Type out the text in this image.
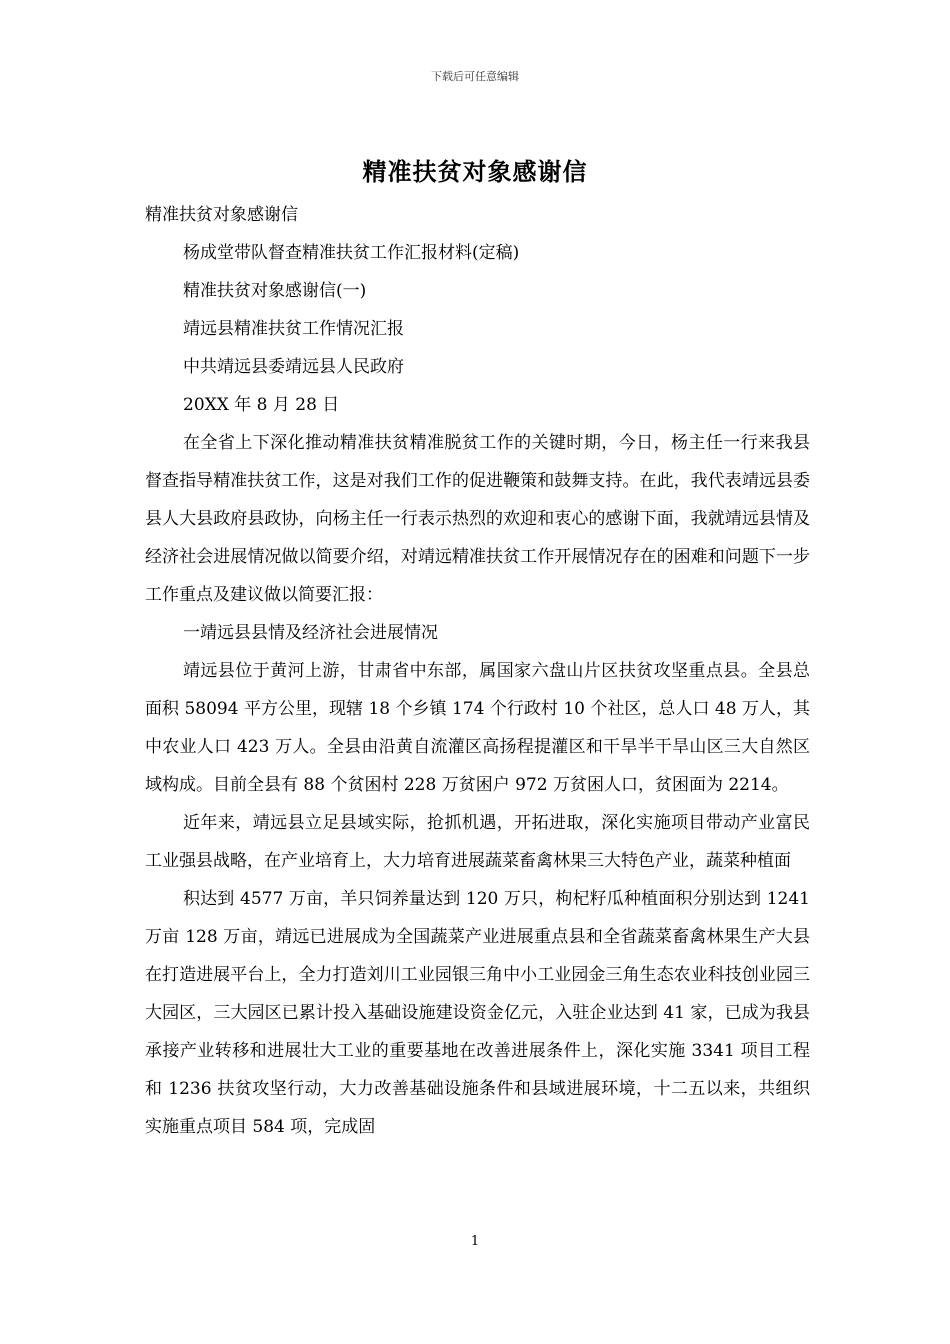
下载后可任意编辑
精准扶贫对象感谢信
精准扶贫对象感谢信
杨成堂带队督查精准扶贫工作汇报材料(定稿)
精准扶贫对象感谢信(一)
靖远县精准扶贫工作情况汇报
中共靖远县委靖远县人民政府
20XX 年 8 月 28 日
在全省上下深化推动精准扶贫精准脱贫工作的关键时期，今日，杨主任一行来我县督查指导精准扶贫工作，这是对我们工作的促进鞭策和鼓舞支持。在此，我代表靖远县委县人大县政府县政协，向杨主任一行表示热烈的欢迎和衷心的感谢下面，我就靖远县情及经济社会进展情况做以简要介绍，对靖远精准扶贫工作开展情况存在的困难和问题下一步工作重点及建议做以简要汇报：
一靖远县县情及经济社会进展情况
靖远县位于黄河上游，甘肃省中东部，属国家六盘山片区扶贫攻坚重点县。全县总面积 58094 平方公里，现辖 18 个乡镇 174 个行政村 10 个社区，总人口 48 万人，其中农业人口 423 万人。全县由沿黄自流灌区高扬程提灌区和干旱半干旱山区三大自然区域构成。目前全县有 88 个贫困村 228 万贫困户 972 万贫困人口，贫困面为 2214。
近年来，靖远县立足县域实际，抢抓机遇，开拓进取，深化实施项目带动产业富民工业强县战略，在产业培育上，大力培育进展蔬菜畜禽林果三大特色产业，蔬菜种植面
积达到 4577 万亩，羊只饲养量达到 120 万只，枸杞籽瓜种植面积分别达到 1241 万亩 128 万亩，靖远已进展成为全国蔬菜产业进展重点县和全省蔬菜畜禽林果生产大县在打造进展平台上，全力打造刘川工业园银三角中小工业园金三角生态农业科技创业园三大园区，三大园区已累计投入基础设施建设资金亿元，入驻企业达到 41 家，已成为我县承接产业转移和进展壮大工业的重要基地在改善进展条件上，深化实施 3341 项目工程和 1236 扶贫攻坚行动，大力改善基础设施条件和县域进展环境，十二五以来，共组织实施重点项目 584 项，完成固
1
